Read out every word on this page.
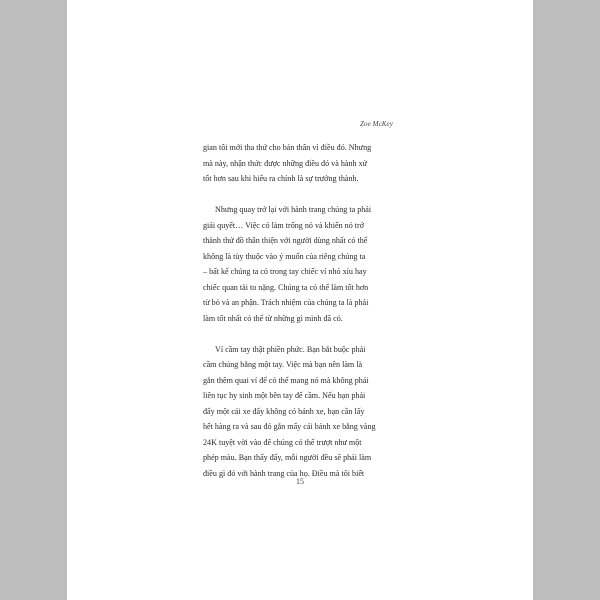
Zoe McKey

gian tôi mới tha thứ cho bản thân vì điều đó. Nhưng
mà này, nhận thức được những điều đó và hành xử
tốt hơn sau khi hiểu ra chính là sự trưởng thành.

Nhưng quay trở lại với hành trang chúng ta phải
giải quyết… Việc có làm trống nó và khiến nó trở
thành thứ đồ thân thiện với người dùng nhất có thể
không là tùy thuộc vào ý muốn của riêng chúng ta
– bất kể chúng ta có trong tay chiếc ví nhỏ xíu hay
chiếc quan tài to nặng. Chúng ta có thể làm tốt hơn
từ bỏ và an phận. Trách nhiệm của chúng ta là phải
làm tốt nhất có thể từ những gì mình đã có.

Ví cầm tay thật phiền phức. Bạn bắt buộc phải
cầm chúng bằng một tay. Việc mà bạn nên làm là
gắn thêm quai ví để có thể mang nó mà không phải
liên tục hy sinh một bên tay để cầm. Nếu bạn phải
đẩy một cái xe đẩy không có bánh xe, bạn cần lấy
hết hàng ra và sau đó gắn mấy cái bánh xe bằng vàng
24K tuyệt vời vào để chúng có thể trượt như một
phép màu. Bạn thấy đấy, mỗi người đều sẽ phải làm
điều gì đó với hành trang của họ. Điều mà tôi biết

15
